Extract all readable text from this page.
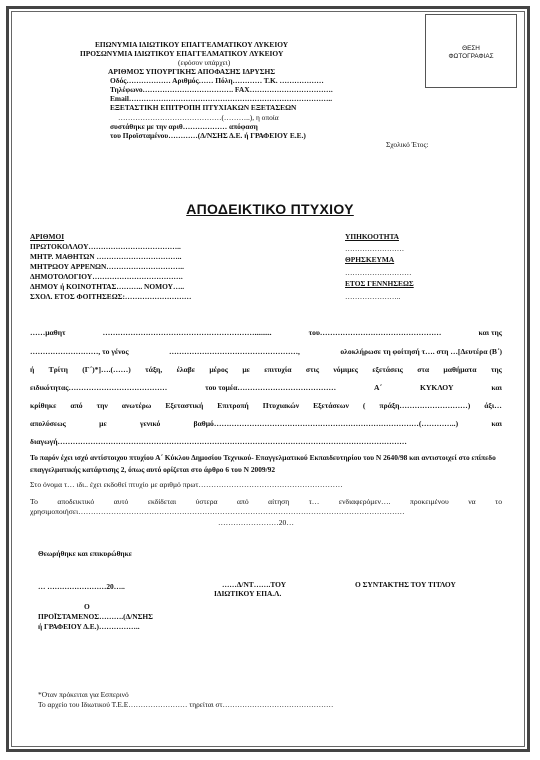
ΕΠΩΝΥΜΙΑ ΙΔΙΩΤΙΚΟΥ ΕΠΑΓΓΕΛΜΑΤΙΚΟΥ ΛΥΚΕΙΟΥ
ΠΡΟΣΩΝΥΜΙΑ ΙΔΙΩΤΙΚΟΥ ΕΠΑΓΓΕΛΜΑΤΙΚΟΥ ΛΥΚΕΙΟΥ
(εφόσον υπάρχει)
ΑΡΙΘΜΟΣ ΥΠΟΥΡΓΙΚΗΣ ΑΠΟΦΑΣΗΣ ΙΔΡΥΣΗΣ
Οδός……………… Αριθμός…… Πόλη………… Τ.Κ. ………………
Τηλέφωνο………………………………. FAX…………………………….
Email………………………………………………………………………..
ΕΞΕΤΑΣΤΙΚΗ ΕΠΙΤΡΟΠΗ ΠΤΥΧΙΑΚΩΝ ΕΞΕΤΑΣΕΩΝ
……………………………………(………..), η οποία
συστάθηκε με την αριθ……………… απόφαση
του Προϊσταμένου…………(Δ/ΝΣΗΣ Δ.Ε. ή ΓΡΑΦΕΙΟΥ Ε.Ε.)
Σχολικό Έτος:
ΘΕΣΗ
ΦΩΤΟΓΡΑΦΙΑΣ
ΑΠΟΔΕΙΚΤΙΚΟ ΠΤΥΧΙΟΥ
ΑΡΙΘΜΟΙ
ΠΡΩΤΟΚΟΛΛΟΥ………………………………..
ΜΗΤΡ. ΜΑΘΗΤΩΝ ……………………………..
ΜΗΤΡΩΟΥ ΑΡΡΕΝΩΝ…………………………..
ΔΗΜΟΤΟΛΟΓΙΟΥ……………………………….
ΔΗΜΟΥ ή ΚΟΙΝΟΤΗΤΑΣ……….. ΝΟΜΟΥ…..
ΣΧΟΛ. ΕΤΟΣ ΦΟΙΤΗΣΕΩΣ:………………………
ΥΠΗΚΟΟΤΗΤΑ
……………………
ΘΡΗΣΚΕΥΜΑ
………………………
ΕΤΟΣ ΓΕΝΝΗΣΕΩΣ
…………………..
……μαθητ	…………………………………………………….........	του…………………………………………	και της
………………………, το γένος	……………………………………………,	ολοκλήρωσε τη φοίτησή τ…. στη …[Δευτέρα (Β΄)
ή Τρίτη (Γ΄)*]….(……) τάξη, έλαβε μέρος με επιτυχία στις νόμιμες εξετάσεις στα μαθήματα της
ειδικότητας…………………………………	του τομέα…………………………………	Α΄	ΚΥΚΛΟΥ	και
κρίθηκε από την ανωτέρω Εξεταστική Επιτροπή Πτυχιακών Εξετάσεων ( πράξη………………………) άξι…
απολύσεως	με	γενικό	βαθμό………………………………………………………………………(…………..)	και
διαγωγή…………………………………………………………………………………………………………………………
Το παρόν έχει ισχύ αντίστοιχου πτυχίου Α΄ Κύκλου Δημοσίου Τεχνικού- Επαγγελματικού Εκπαιδευτηρίου του Ν 2640/98 και αντιστοιχεί στο επίπεδο επαγγελματικής κατάρτισης 2, όπως αυτό ορίζεται στο άρθρο 6 του Ν 2009/92
Στο όνομα τ… ιδι.. έχει εκδοθεί πτυχίο με αριθμό πρωτ…………………………………………………
Το	αποδεικτικό	αυτό	εκδίδεται	ύστερα	από	αίτηση	τ…	ενδιαφερόμεν….	προκειμένου	να	το
χρησιμοποιήσει…………………………………………………………………………………………………………………
……………………20…
Θεωρήθηκε και επικυρώθηκε
… ……………………20…..	……Δ/ΝΤ…….ΤΟΥ
ΙΔΙΩΤΙΚΟΥ ΕΠΑ.Λ.
Ο ΣΥΝΤΑΚΤΗΣ ΤΟΥ ΤΙΤΛΟΥ
Ο
ΠΡΟΪΣΤΑΜΕΝΟΣ……….(Δ/ΝΣΗΣ
ή ΓΡΑΦΕΙΟΥ Δ.Ε.)……………..
*Οταν πρόκειται για Εσπερινό
Το αρχείο του Ιδιωτικού Τ.Ε.Ε…………………… τηρείται στ………………………………………
